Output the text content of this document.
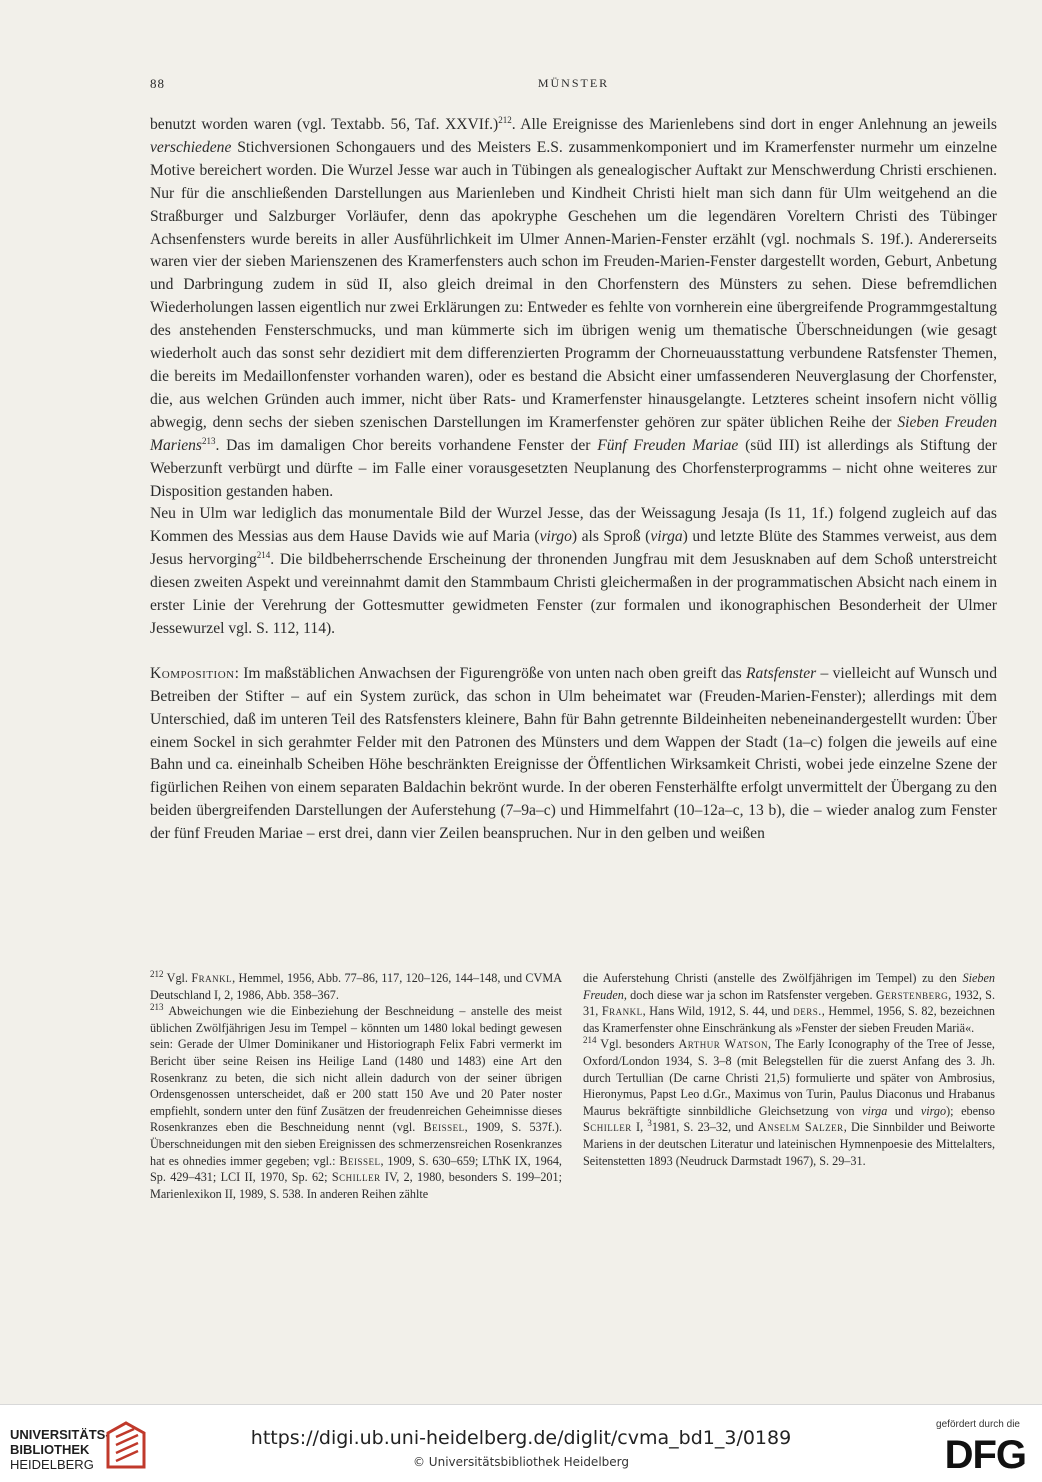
88	MÜNSTER

benutzt worden waren (vgl. Textabb. 56, Taf. XXVIf.)$^{212}$. Alle Ereignisse des Marienlebens sind dort in enger Anlehnung an jeweils verschiedene Stichversionen Schongauers und des Meisters E.S. zusammenkomponiert und im Kramerfenster nurmehr um einzelne Motive bereichert worden. Die Wurzel Jesse war auch in Tübingen als genealogischer Auftakt zur Menschwerdung Christi erschienen. Nur für die anschließenden Darstellungen aus Marienleben und Kindheit Christi hielt man sich dann für Ulm weitgehend an die Straßburger und Salzburger Vorläufer, denn das apokryphe Geschehen um die legendären Voreltern Christi des Tübinger Achsenfensters wurde bereits in aller Ausführlichkeit im Ulmer Annen-Marien-Fenster erzählt (vgl. nochmals S. 19f.). Andererseits waren vier der sieben Marienszenen des Kramerfensters auch schon im Freuden-Marien-Fenster dargestellt worden, Geburt, Anbetung und Darbringung zudem in süd II, also gleich dreimal in den Chorfenstern des Münsters zu sehen. Diese befremdlichen Wiederholungen lassen eigentlich nur zwei Erklärungen zu: Entweder es fehlte von vornherein eine übergreifende Programmgestaltung des anstehenden Fensterschmucks, und man kümmerte sich im übrigen wenig um thematische Überschneidungen (wie gesagt wiederholt auch das sonst sehr dezidiert mit dem differenzierten Programm der Chorneuausstattung verbundene Ratsfenster Themen, die bereits im Medaillonfenster vorhanden waren), oder es bestand die Absicht einer umfassenderen Neuverglasung der Chorfenster, die, aus welchen Gründen auch immer, nicht über Rats- und Kramerfenster hinausgelangte. Letzteres scheint insofern nicht völlig abwegig, denn sechs der sieben szenischen Darstellungen im Kramerfenster gehören zur später üblichen Reihe der Sieben Freuden Mariens$^{213}$. Das im damaligen Chor bereits vorhandene Fenster der Fünf Freuden Mariae (süd III) ist allerdings als Stiftung der Weberzunft verbürgt und dürfte – im Falle einer vorausgesetzten Neuplanung des Chorfensterprogramms – nicht ohne weiteres zur Disposition gestanden haben.

Neu in Ulm war lediglich das monumentale Bild der Wurzel Jesse, das der Weissagung Jesaja (Is 11, 1f.) folgend zugleich auf das Kommen des Messias aus dem Hause Davids wie auf Maria (virgo) als Sproß (virga) und letzte Blüte des Stammes verweist, aus dem Jesus hervorging$^{214}$. Die bildbeherrschende Erscheinung der thronenden Jungfrau mit dem Jesusknaben auf dem Schoß unterstreicht diesen zweiten Aspekt und vereinnahmt damit den Stammbaum Christi gleichermaßen in der programmatischen Absicht nach einem in erster Linie der Verehrung der Gottesmutter gewidmeten Fenster (zur formalen und ikonographischen Besonderheit der Ulmer Jessewurzel vgl. S. 112, 114).

Komposition: Im maßstäblichen Anwachsen der Figurengröße von unten nach oben greift das Ratsfenster – vielleicht auf Wunsch und Betreiben der Stifter – auf ein System zurück, das schon in Ulm beheimatet war (Freuden-Marien-Fenster); allerdings mit dem Unterschied, daß im unteren Teil des Ratsfensters kleinere, Bahn für Bahn getrennte Bildeinheiten nebeneinandergestellt wurden: Über einem Sockel in sich gerahmter Felder mit den Patronen des Münsters und dem Wappen der Stadt (1a–c) folgen die jeweils auf eine Bahn und ca. eineinhalb Scheiben Höhe beschränkten Ereignisse der Öffentlichen Wirksamkeit Christi, wobei jede einzelne Szene der figürlichen Reihen von einem separaten Baldachin bekrönt wurde. In der oberen Fensterhälfte erfolgt unvermittelt der Übergang zu den beiden übergreifenden Darstellungen der Auferstehung (7–9a–c) und Himmelfahrt (10–12a–c, 13 b), die – wieder analog zum Fenster der fünf Freuden Mariae – erst drei, dann vier Zeilen beanspruchen. Nur in den gelben und weißen

$^{212}$ Vgl. Frankl, Hemmel, 1956, Abb. 77–86, 117, 120–126, 144–148, und CVMA Deutschland I, 2, 1986, Abb. 358–367.

$^{213}$ Abweichungen wie die Einbeziehung der Beschneidung – anstelle des meist üblichen Zwölfjährigen Jesu im Tempel – könnten um 1480 lokal bedingt gewesen sein: Gerade der Ulmer Dominikaner und Historiograph Felix Fabri vermerkt im Bericht über seine Reisen ins Heilige Land (1480 und 1483) eine Art den Rosenkranz zu beten, die sich nicht allein dadurch von der seiner übrigen Ordensgenossen unterscheidet, daß er 200 statt 150 Ave und 20 Pater noster empfiehlt, sondern unter den fünf Zusätzen der freudenreichen Geheimnisse dieses Rosenkranzes eben die Beschneidung nennt (vgl. Beissel, 1909, S. 537f.). Überschneidungen mit den sieben Ereignissen des schmerzensreichen Rosenkranzes hat es ohnedies immer gegeben; vgl.: Beissel, 1909, S. 630–659; LThK IX, 1964, Sp. 429–431; LCI II, 1970, Sp. 62; Schiller IV, 2, 1980, besonders S. 199–201; Marienlexikon II, 1989, S. 538. In anderen Reihen zählte

die Auferstehung Christi (anstelle des Zwölfjährigen im Tempel) zu den Sieben Freuden, doch diese war ja schon im Ratsfenster vergeben. Gerstenberg, 1932, S. 31, Frankl, Hans Wild, 1912, S. 44, und ders., Hemmel, 1956, S. 82, bezeichnen das Kramerfenster ohne Einschränkung als »Fenster der sieben Freuden Mariä«.

$^{214}$ Vgl. besonders Arthur Watson, The Early Iconography of the Tree of Jesse, Oxford/London 1934, S. 3–8 (mit Belegstellen für die zuerst Anfang des 3. Jh. durch Tertullian (De carne Christi 21,5) formulierte und später von Ambrosius, Hieronymus, Papst Leo d.Gr., Maximus von Turin, Paulus Diaconus und Hrabanus Maurus bekräftigte sinnbildliche Gleichsetzung von virga und virgo); ebenso Schiller I, $^3$1981, S. 23–32, und Anselm Salzer, Die Sinnbilder und Beiworte Mariens in der deutschen Literatur und lateinischen Hymnenpoesie des Mittelalters, Seitenstetten 1893 (Neudruck Darmstadt 1967), S. 29–31.

UNIVERSITÄTS-
BIBLIOTHEK
HEIDELBERG
https://digi.ub.uni-heidelberg.de/diglit/cvma_bd1_3/0189
© Universitätsbibliothek Heidelberg
gefördert durch die
DFG
